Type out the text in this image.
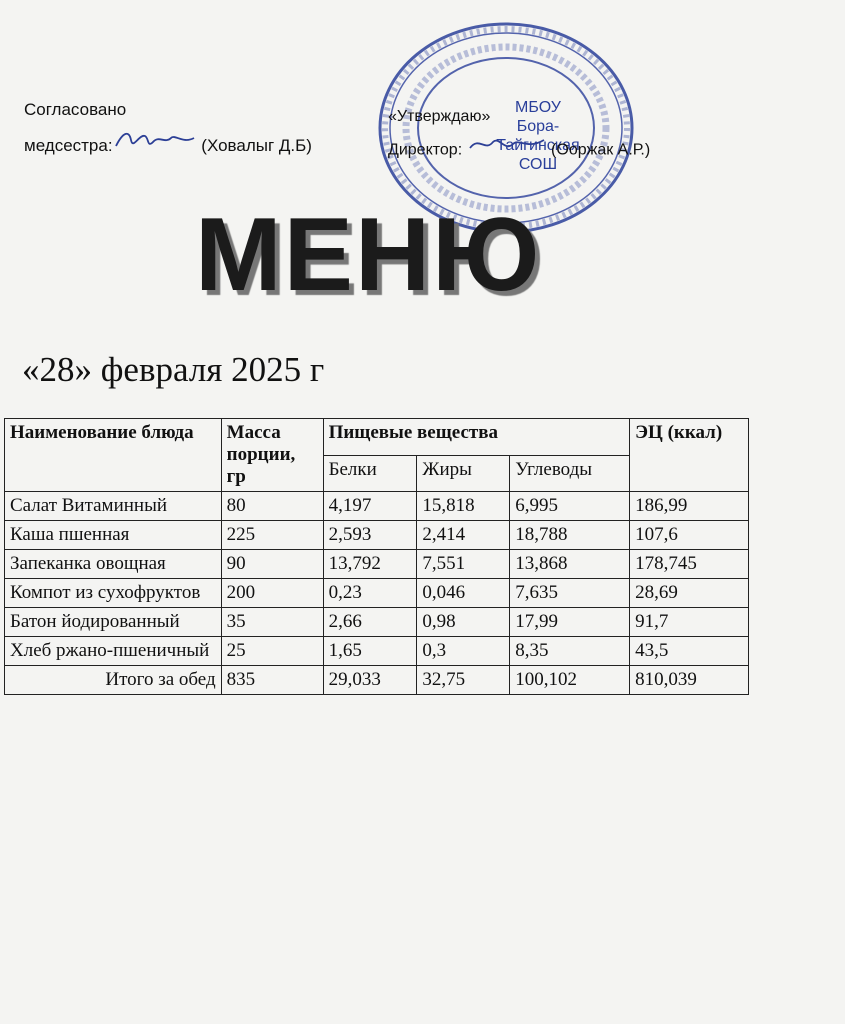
Согласовано
медсестра:	(Ховалыг Д.Б)
МБОУ
Бора-Тайгинская
СОШ
«Утверждаю»
Директор:	(Ооржак А.Р.)
МЕНЮ
«28» февраля 2025 г
Наименование блюда	Масса порции, гр	Пищевые вещества			ЭЦ (ккал)
		Белки	Жиры	Углеводы	
Салат Витаминный	80	4,197	15,818	6,995	186,99
Каша пшенная	225	2,593	2,414	18,788	107,6
Запеканка овощная	90	13,792	7,551	13,868	178,745
Компот из сухофруктов	200	0,23	0,046	7,635	28,69
Батон йодированный	35	2,66	0,98	17,99	91,7
Хлеб ржано-пшеничный	25	1,65	0,3	8,35	43,5
Итого за обед	835	29,033	32,75	100,102	810,039
